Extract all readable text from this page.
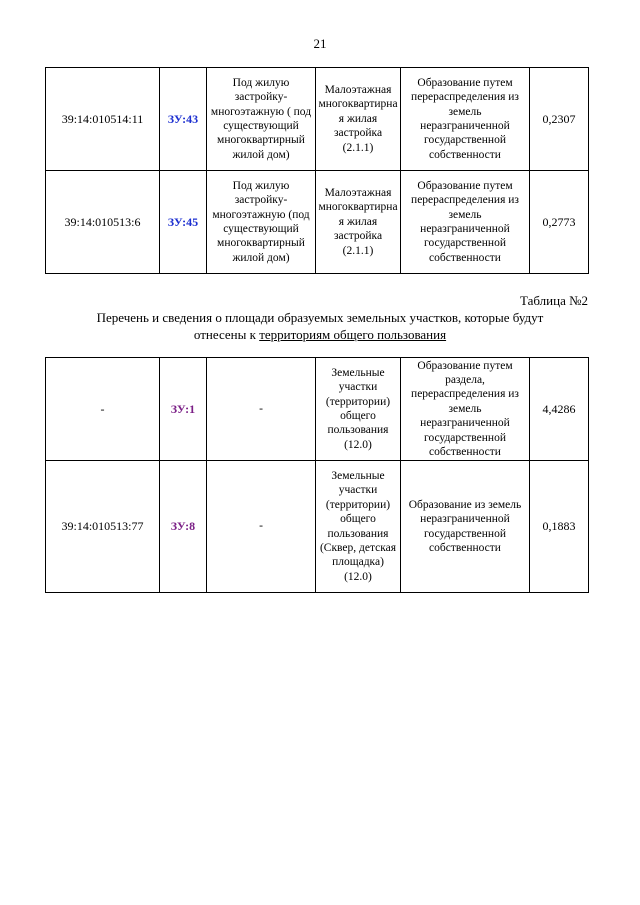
21
39:14:010514:11	ЗУ:43	Под жилую застройку-многоэтажную ( под существующий многоквартирный жилой дом)	Малоэтажная многоквартирная жилая застройка (2.1.1)	Образование путем перераспределения из земель неразграниченной государственной собственности	0,2307
39:14:010513:6	ЗУ:45	Под жилую застройку-многоэтажную (под существующий многоквартирный жилой дом)	Малоэтажная многоквартирная жилая застройка (2.1.1)	Образование путем перераспределения из земель неразграниченной государственной собственности	0,2773
Таблица №2
Перечень и сведения о площади образуемых земельных участков, которые будут
отнесены к территориям общего пользования
-	ЗУ:1	-	Земельные участки (территории) общего пользования (12.0)	Образование путем раздела, перераспределения из земель неразграниченной государственной собственности	4,4286
39:14:010513:77	ЗУ:8	-	Земельные участки (территории) общего пользования (Сквер, детская площадка) (12.0)	Образование из земель неразграниченной государственной собственности	0,1883
